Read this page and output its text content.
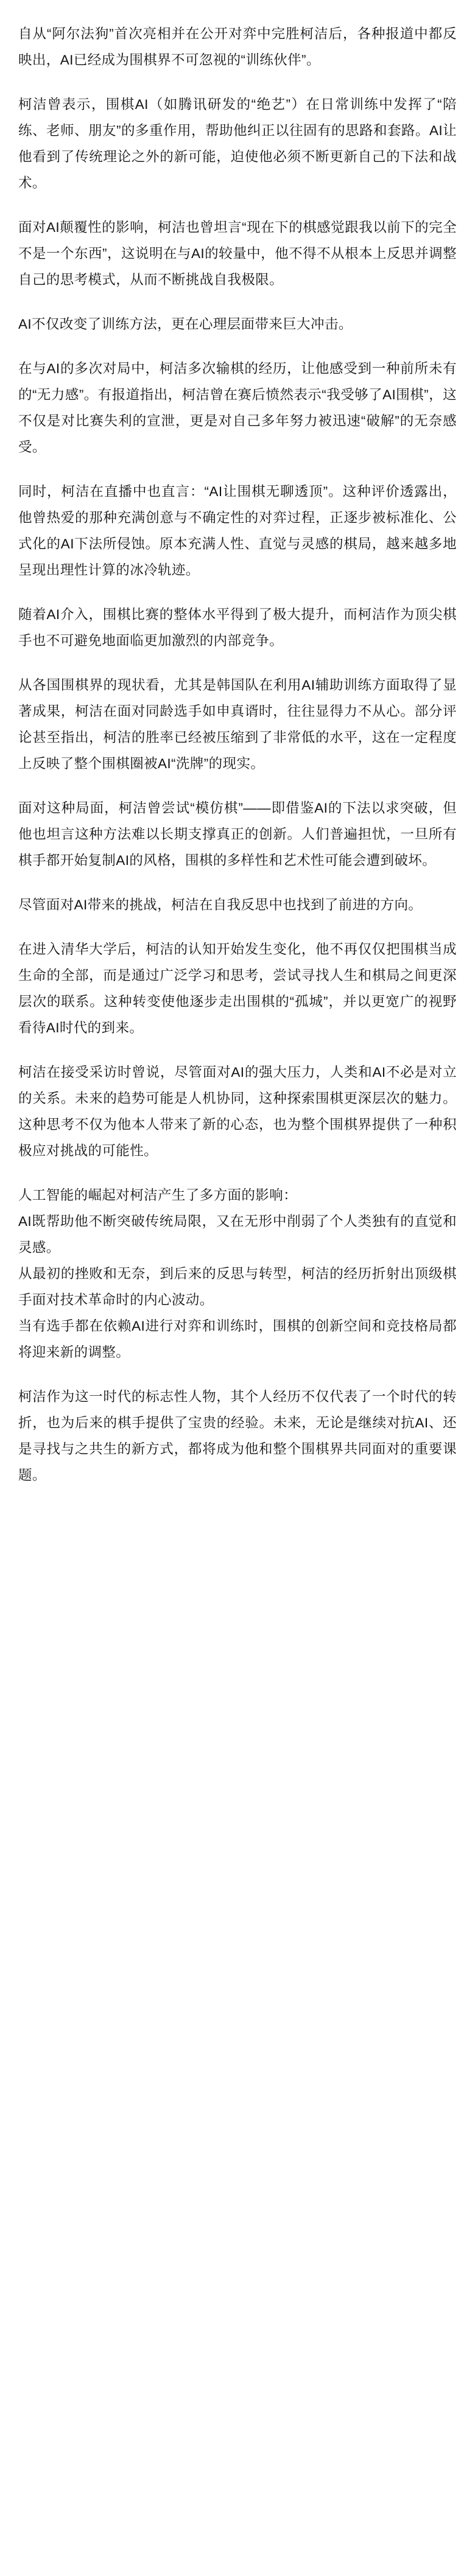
自从“阿尔法狗”首次亮相并在公开对弈中完胜柯洁后，各种报道中都反映出，AI已经成为围棋界不可忽视的“训练伙伴”。

柯洁曾表示，围棋AI（如腾讯研发的“绝艺”）在日常训练中发挥了“陪练、老师、朋友”的多重作用，帮助他纠正以往固有的思路和套路。AI让他看到了传统理论之外的新可能，迫使他必须不断更新自己的下法和战术。

面对AI颠覆性的影响，柯洁也曾坦言“现在下的棋感觉跟我以前下的完全不是一个东西”，这说明在与AI的较量中，他不得不从根本上反思并调整自己的思考模式，从而不断挑战自我极限。

AI不仅改变了训练方法，更在心理层面带来巨大冲击。

在与AI的多次对局中，柯洁多次输棋的经历，让他感受到一种前所未有的“无力感”。有报道指出，柯洁曾在赛后愤然表示“我受够了AI围棋”，这不仅是对比赛失利的宣泄，更是对自己多年努力被迅速“破解”的无奈感受。

同时，柯洁在直播中也直言：“AI让围棋无聊透顶”。这种评价透露出，他曾热爱的那种充满创意与不确定性的对弈过程，正逐步被标准化、公式化的AI下法所侵蚀。原本充满人性、直觉与灵感的棋局，越来越多地呈现出理性计算的冰冷轨迹。

随着AI介入，围棋比赛的整体水平得到了极大提升，而柯洁作为顶尖棋手也不可避免地面临更加激烈的内部竞争。

从各国围棋界的现状看，尤其是韩国队在利用AI辅助训练方面取得了显著成果，柯洁在面对同龄选手如申真谞时，往往显得力不从心。部分评论甚至指出，柯洁的胜率已经被压缩到了非常低的水平，这在一定程度上反映了整个围棋圈被AI“洗牌”的现实。

面对这种局面，柯洁曾尝试“模仿棋”——即借鉴AI的下法以求突破，但他也坦言这种方法难以长期支撑真正的创新。人们普遍担忧，一旦所有棋手都开始复制AI的风格，围棋的多样性和艺术性可能会遭到破坏。

尽管面对AI带来的挑战，柯洁在自我反思中也找到了前进的方向。

在进入清华大学后，柯洁的认知开始发生变化，他不再仅仅把围棋当成生命的全部，而是通过广泛学习和思考，尝试寻找人生和棋局之间更深层次的联系。这种转变使他逐步走出围棋的“孤城”，并以更宽广的视野看待AI时代的到来。

柯洁在接受采访时曾说，尽管面对AI的强大压力，人类和AI不必是对立的关系。未来的趋势可能是人机协同，这种探索围棋更深层次的魅力。这种思考不仅为他本人带来了新的心态，也为整个围棋界提供了一种积极应对挑战的可能性。

人工智能的崛起对柯洁产生了多方面的影响：

AI既帮助他不断突破传统局限，又在无形中削弱了个人类独有的直觉和灵感。

从最初的挫败和无奈，到后来的反思与转型，柯洁的经历折射出顶级棋手面对技术革命时的内心波动。

当有选手都在依赖AI进行对弈和训练时，围棋的创新空间和竞技格局都将迎来新的调整。

柯洁作为这一时代的标志性人物，其个人经历不仅代表了一个时代的转折，也为后来的棋手提供了宝贵的经验。未来，无论是继续对抗AI、还是寻找与之共生的新方式，都将成为他和整个围棋界共同面对的重要课题。
